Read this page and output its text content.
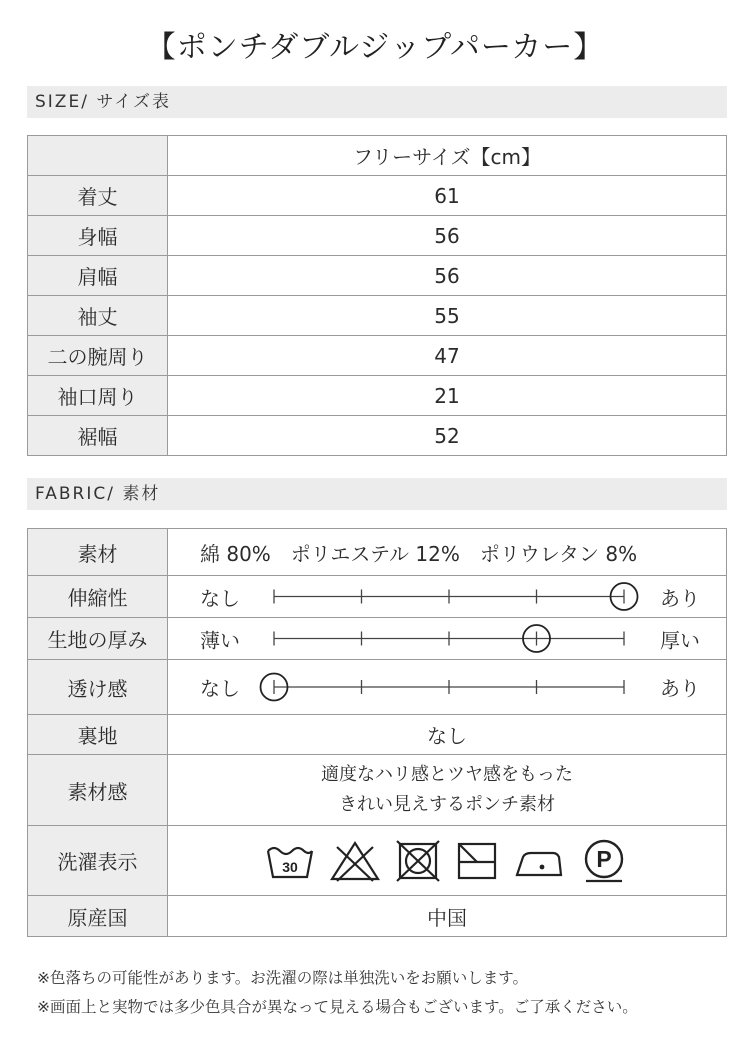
【ポンチダブルジップパーカー】
SIZE/ サイズ表
	フリーサイズ【cm】
着丈	61
身幅	56
肩幅	56
袖丈	55
二の腕周り	47
袖口周り	21
裾幅	52
FABRIC/ 素材
素材	綿 80%　ポリエステル 12%　ポリウレタン 8%
伸縮性	なし あり

生地の厚み	薄い 厚い

透け感	なし あり

裏地	なし
素材感	適度なハリ感とツヤ感をもった
きれい見えするポンチ素材

洗濯表示	30 P

原産国	中国
※色落ちの可能性があります。お洗濯の際は単独洗いをお願いします。
※画面上と実物では多少色具合が異なって見える場合もございます。ご了承ください。
